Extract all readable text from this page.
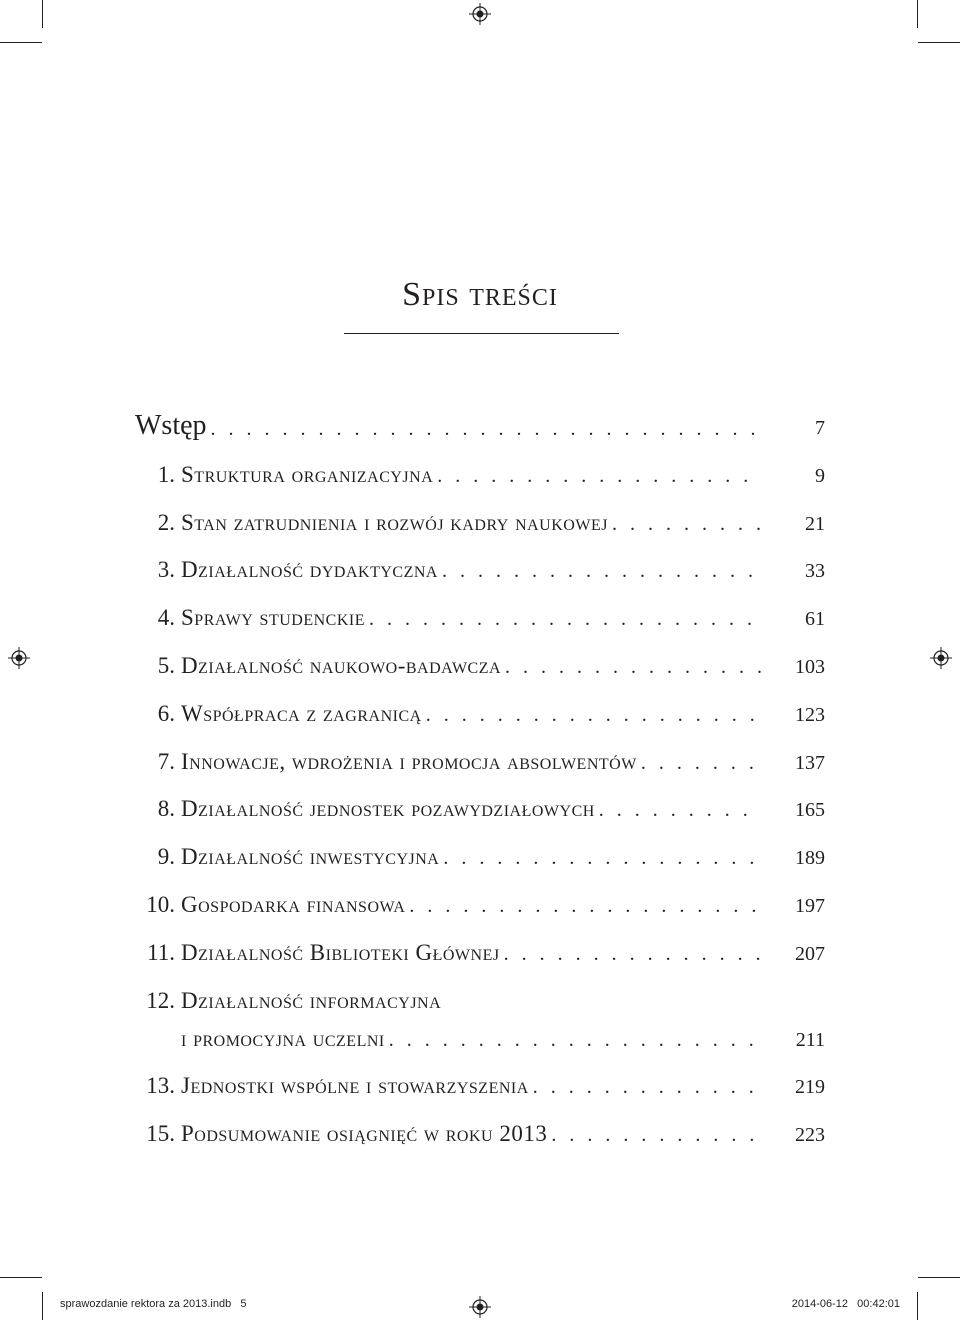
Spis treści
Wstęp . . .	7
1. Struktura organizacyjna . . .	9
2. Stan zatrudnienia i rozwój kadry naukowej . . .	21
3. Działalność dydaktyczna . . .	33
4. Sprawy studenckie . . .	61
5. Działalność naukowo-badawcza . . .	103
6. Współpraca z zagranicą . . .	123
7. Innowacje, wdrożenia i promocja absolwentów . . .	137
8. Działalność jednostek pozawydziałowych . . .	165
9. Działalność inwestycyjna . . .	189
10. Gospodarka finansowa . . .	197
11. Działalność Biblioteki Głównej . . .	207
12. Działalność informacyjna
i promocyjna uczelni . . .	211
13. Jednostki wspólne i stowarzyszenia . . .	219
15. Podsumowanie osiągnięć w roku 2013 . . .	223
sprawozdanie rektora za 2013.indb   5	2014-06-12   00:42:01
